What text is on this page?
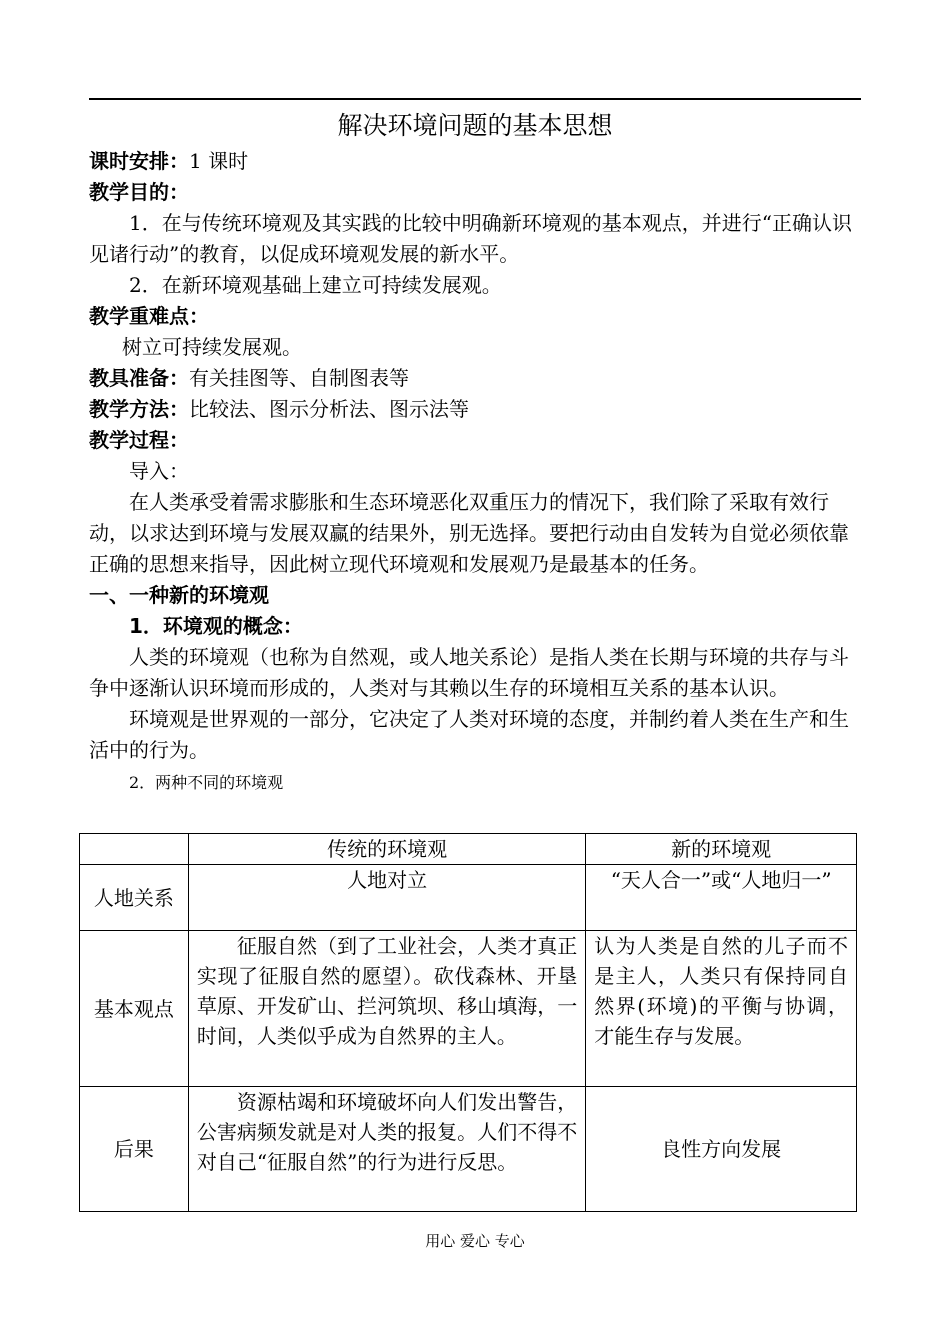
解决环境问题的基本思想

课时安排：1 课时

教学目的：

1．在与传统环境观及其实践的比较中明确新环境观的基本观点，并进行“正确认识见诸行动”的教育，以促成环境观发展的新水平。

2．在新环境观基础上建立可持续发展观。

教学重难点：

树立可持续发展观。

教具准备：有关挂图等、自制图表等

教学方法：比较法、图示分析法、图示法等

教学过程：

导入：

在人类承受着需求膨胀和生态环境恶化双重压力的情况下，我们除了采取有效行动，以求达到环境与发展双赢的结果外，别无选择。要把行动由自发转为自觉必须依靠正确的思想来指导，因此树立现代环境观和发展观乃是最基本的任务。

一、一种新的环境观

1．环境观的概念：

人类的环境观（也称为自然观，或人地关系论）是指人类在长期与环境的共存与斗争中逐渐认识环境而形成的，人类对与其赖以生存的环境相互关系的基本认识。

环境观是世界观的一部分，它决定了人类对环境的态度，并制约着人类在生产和生活中的行为。

2．两种不同的环境观

	传统的环境观	新的环境观
人地关系	人地对立	“天人合一”或“人地归一”
基本观点	征服自然（到了工业社会，人类才真正实现了征服自然的愿望）。砍伐森林、开垦草原、开发矿山、拦河筑坝、移山填海，一时间，人类似乎成为自然界的主人。	认为人类是自然的儿子而不是主人，人类只有保持同自然界(环境)的平衡与协调，才能生存与发展。
后果	资源枯竭和环境破坏向人们发出警告，公害病频发就是对人类的报复。人们不得不对自己“征服自然”的行为进行反思。	良性方向发展
用心 爱心 专心
